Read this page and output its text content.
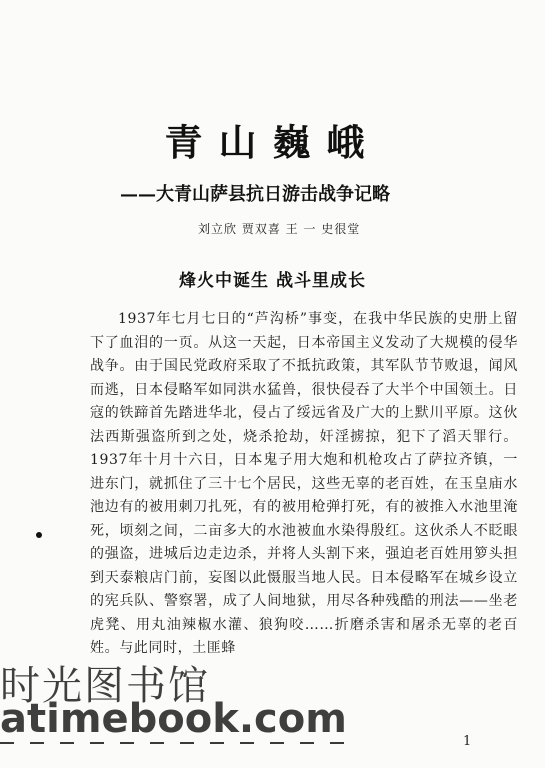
青山巍峨
——大青山萨县抗日游击战争记略
刘立欣 贾双喜 王 一 史很堂
烽火中诞生 战斗里成长

1937年七月七日的“芦沟桥”事变，在我中华民族的史册上留下了血泪的一页。从这一天起，日本帝国主义发动了大规模的侵华战争。由于国民党政府采取了不抵抗政策，其军队节节败退，闻风而逃，日本侵略军如同洪水猛兽，很快侵吞了大半个中国领土。日寇的铁蹄首先踏进华北，侵占了绥远省及广大的上默川平原。这伙法西斯强盗所到之处，烧杀抢劫，奸淫掳掠，犯下了滔天罪行。1937年十月十六日，日本鬼子用大炮和机枪攻占了萨拉齐镇，一进东门，就抓住了三十七个居民，这些无辜的老百姓，在玉皇庙水池边有的被用刺刀扎死，有的被用枪弹打死，有的被推入水池里淹死，顷刻之间，二亩多大的水池被血水染得殷红。这伙杀人不眨眼的强盗，进城后边走边杀，并将人头割下来，强迫老百姓用箩头担到天泰粮店门前，妄图以此慑服当地人民。日本侵略军在城乡设立的宪兵队、警察署，成了人间地狱，用尽各种残酷的刑法——坐老虎凳、用丸油辣椒水灌、狼狗咬……折磨杀害和屠杀无辜的老百姓。与此同时，土匪蜂

1
时光图书馆
atimebook.com
